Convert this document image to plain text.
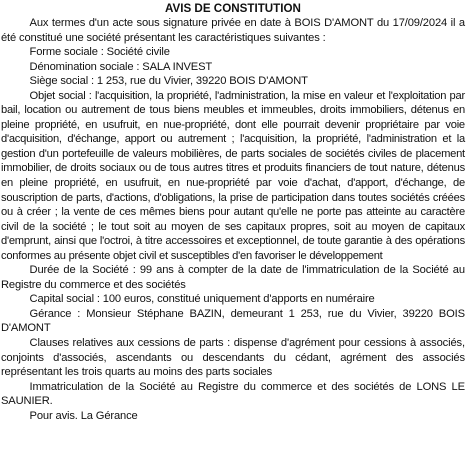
AVIS DE CONSTITUTION

Aux termes d'un acte sous signature privée en date à BOIS D'AMONT du 17/09/2024 il a été constitué une société présentant les caractéristiques suivantes :

Forme sociale : Société civile

Dénomination sociale : SALA INVEST

Siège social : 1 253, rue du Vivier, 39220 BOIS D'AMONT

Objet social : l'acquisition, la propriété, l'administration, la mise en valeur et l'exploitation par bail, location ou autrement de tous biens meubles et immeubles, droits immobiliers, détenus en pleine propriété, en usufruit, en nue-propriété, dont elle pourrait devenir propriétaire par voie d'acquisition, d'échange, apport ou autrement ; l'acquisition, la propriété, l'administration et la gestion d'un portefeuille de valeurs mobilières, de parts sociales de sociétés civiles de placement immobilier, de droits sociaux ou de tous autres titres et produits financiers de tout nature, détenus en pleine propriété, en usufruit, en nue-propriété par voie d'achat, d'apport, d'échange, de souscription de parts, d'actions, d'obligations, la prise de participation dans toutes sociétés créées ou à créer ; la vente de ces mêmes biens pour autant qu'elle ne porte pas atteinte au caractère civil de la société ; le tout soit au moyen de ses capitaux propres, soit au moyen de capitaux d'emprunt, ainsi que l'octroi, à titre accessoires et exceptionnel, de toute garantie à des opérations conformes au présente objet civil et susceptibles d'en favoriser le développement

Durée de la Société : 99 ans à compter de la date de l'immatriculation de la Société au Registre du commerce et des sociétés

Capital social : 100 euros, constitué uniquement d'apports en numéraire

Gérance : Monsieur Stéphane BAZIN, demeurant 1 253, rue du Vivier, 39220 BOIS D'AMONT

Clauses relatives aux cessions de parts : dispense d'agrément pour cessions à associés, conjoints d'associés, ascendants ou descendants du cédant, agrément des associés représentant les trois quarts au moins des parts sociales

Immatriculation de la Société au Registre du commerce et des sociétés de LONS LE SAUNIER.

Pour avis. La Gérance
